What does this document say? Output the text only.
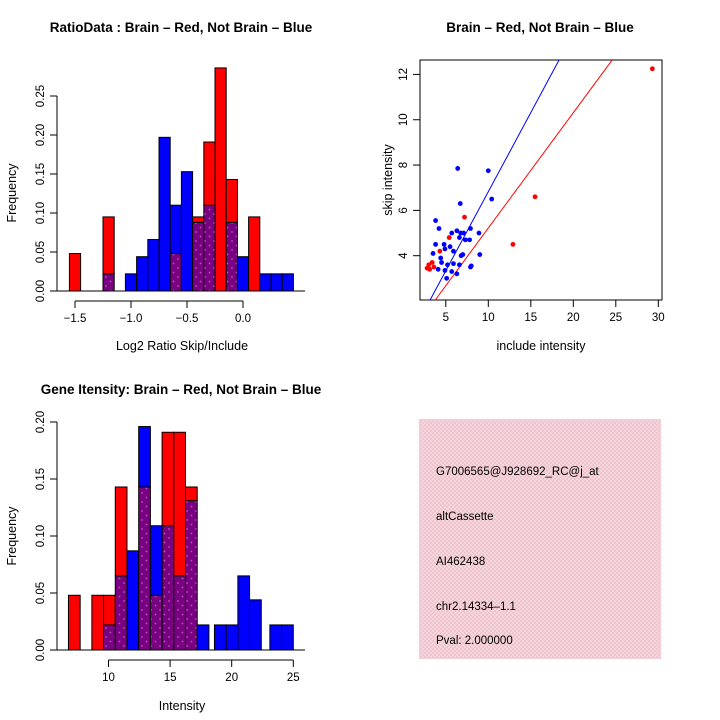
RatioData : Brain – Red, Not Brain – Blue
Log2 Ratio Skip/Include
Frequency
0.00
0.05
0.10
0.15
0.20
0.25
−1.5	−1.0	−0.5	0.0
Brain – Red, Not Brain – Blue
include intensity
skip intensity
5	10	15	20	25	30
4
6
8
10
12
Gene Itensity: Brain – Red, Not Brain – Blue
Intensity
Frequency
0.00
0.05
0.10
0.15
0.20
10	15	20	25
G7006565@J928692_RC@j_at
altCassette
AI462438
chr2.14334–1.1
Pval: 2.000000
